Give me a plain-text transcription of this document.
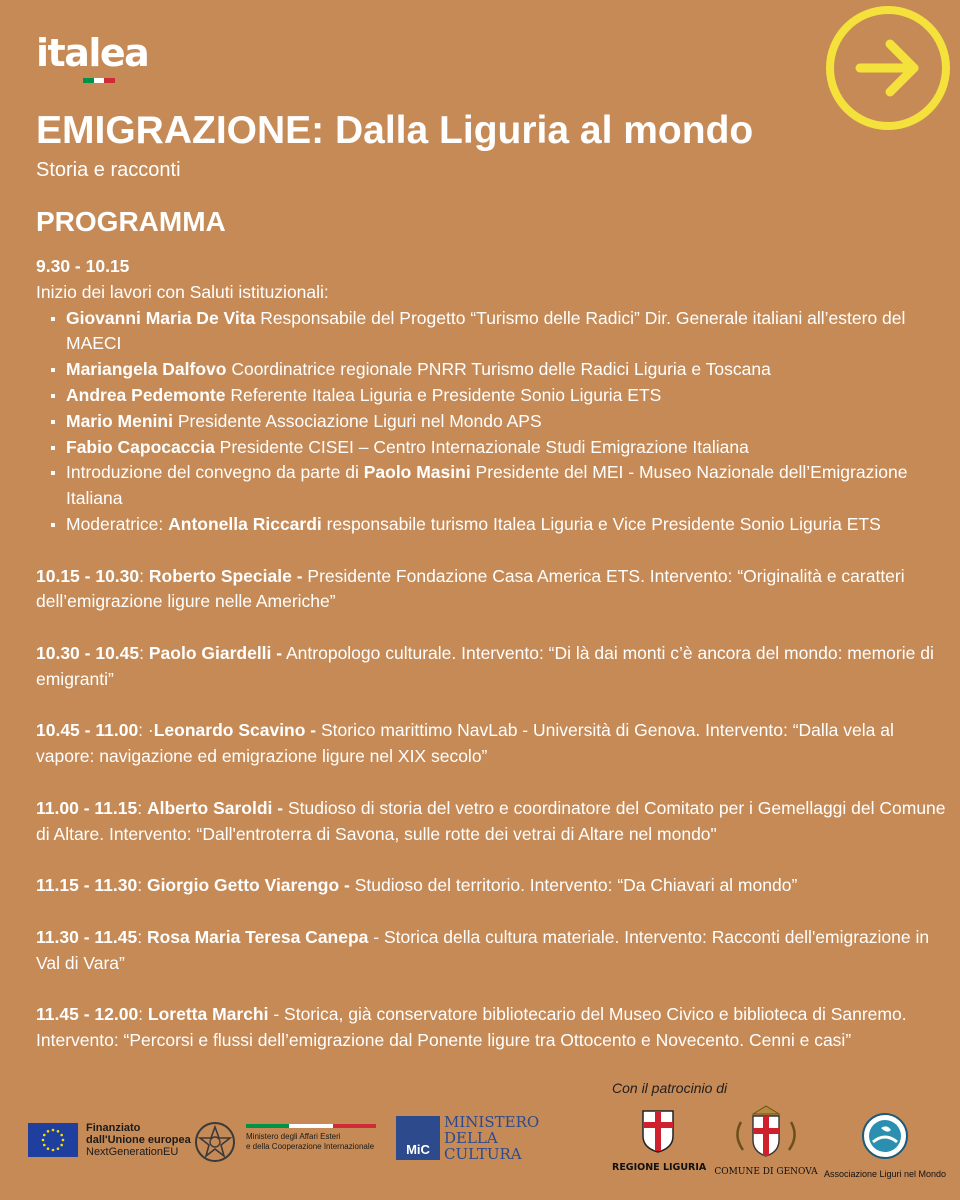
italea
EMIGRAZIONE: Dalla Liguria al mondo
Storia e racconti
PROGRAMMA
9.30 - 10.15
Inizio dei lavori con Saluti istituzionali:
Giovanni Maria De Vita Responsabile del Progetto “Turismo delle Radici” Dir. Generale italiani all’estero del MAECI
Mariangela Dalfovo Coordinatrice regionale PNRR Turismo delle Radici Liguria e Toscana
Andrea Pedemonte Referente Italea Liguria e Presidente Sonio Liguria ETS
Mario Menini Presidente Associazione Liguri nel Mondo APS
Fabio Capocaccia Presidente CISEI – Centro Internazionale Studi Emigrazione Italiana
Introduzione del convegno da parte di Paolo Masini Presidente del MEI - Museo Nazionale dell’Emigrazione Italiana
Moderatrice: Antonella Riccardi responsabile turismo Italea Liguria e Vice Presidente Sonio Liguria ETS
10.15 - 10.30: Roberto Speciale - Presidente Fondazione Casa America ETS. Intervento: “Originalità e caratteri dell’emigrazione ligure nelle Americhe”
10.30 - 10.45: Paolo Giardelli - Antropologo culturale. Intervento: “Di là dai monti c’è ancora del mondo: memorie di emigranti”
10.45 - 11.00: ·Leonardo Scavino - Storico marittimo NavLab - Università di Genova. Intervento: “Dalla vela al vapore: navigazione ed emigrazione ligure nel XIX secolo”
11.00 - 11.15: Alberto Saroldi - Studioso di storia del vetro e coordinatore del Comitato per i Gemellaggi del Comune di Altare. Intervento: “Dall'entroterra di Savona, sulle rotte dei vetrai di Altare nel mondo"
11.15 - 11.30: Giorgio Getto Viarengo - Studioso del territorio. Intervento: “Da Chiavari al mondo”
11.30 - 11.45: Rosa Maria Teresa Canepa - Storica della cultura materiale. Intervento: Racconti dell'emigrazione in Val di Vara”
11.45 - 12.00: Loretta Marchi - Storica, già conservatore bibliotecario del Museo Civico e biblioteca di Sanremo. Intervento: “Percorsi e flussi dell’emigrazione dal Ponente ligure tra Ottocento e Novecento. Cenni e casi”
Con il patrocinio di
Finanziato
dall'Unione europea
NextGenerationEU
Ministero degli Affari Esteri
e della Cooperazione Internazionale	MiC
MINISTERO
DELLA
CULTURA
REGIONE LIGURIA COMUNE DI GENOVA Associazione Liguri nel Mondo
